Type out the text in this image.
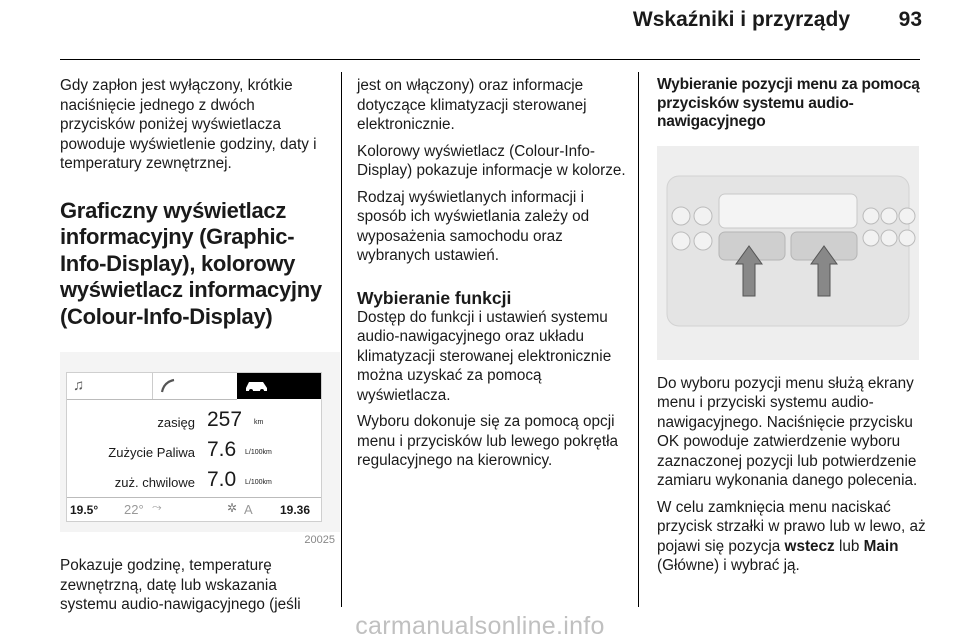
Wskaźniki i przyrządy	93

Gdy zapłon jest wyłączony, krótkie naciśnięcie jednego z dwóch przycisków poniżej wyświetlacza powoduje wyświetlenie godziny, daty i temperatury zewnętrznej.

Graficzny wyświetlacz informacyjny (Graphic-Info-Display), kolorowy wyświetlacz informacyjny (Colour-Info-Display)
♫
zasięg 257 km
Zużycie Paliwa 7.6 L/100km
zuż. chwilowe 7.0 L/100km
19.5° 22° ⤳	✲ A 19.36
20025

Pokazuje godzinę, temperaturę zewnętrzną, datę lub wskazania systemu audio-nawigacyjnego (jeśli

jest on włączony) oraz informacje dotyczące klimatyzacji sterowanej elektronicznie.

Kolorowy wyświetlacz (Colour-Info-Display) pokazuje informacje w kolorze.

Rodzaj wyświetlanych informacji i sposób ich wyświetlania zależy od wyposażenia samochodu oraz wybranych ustawień.

Wybieranie funkcji

Dostęp do funkcji i ustawień systemu audio-nawigacyjnego oraz układu klimatyzacji sterowanej elektronicznie można uzyskać za pomocą wyświetlacza.

Wyboru dokonuje się za pomocą opcji menu i przycisków lub lewego pokrętła regulacyjnego na kierownicy.

Wybieranie pozycji menu za pomocą przycisków systemu audio-nawigacyjnego

Do wyboru pozycji menu służą ekrany menu i przyciski systemu audio-nawigacyjnego. Naciśnięcie przycisku OK powoduje zatwierdzenie wyboru zaznaczonej pozycji lub potwierdzenie zamiaru wykonania danego polecenia.

W celu zamknięcia menu naciskać przycisk strzałki w prawo lub w lewo, aż pojawi się pozycja wstecz lub Main (Główne) i wybrać ją.

carmanualsonline.info
